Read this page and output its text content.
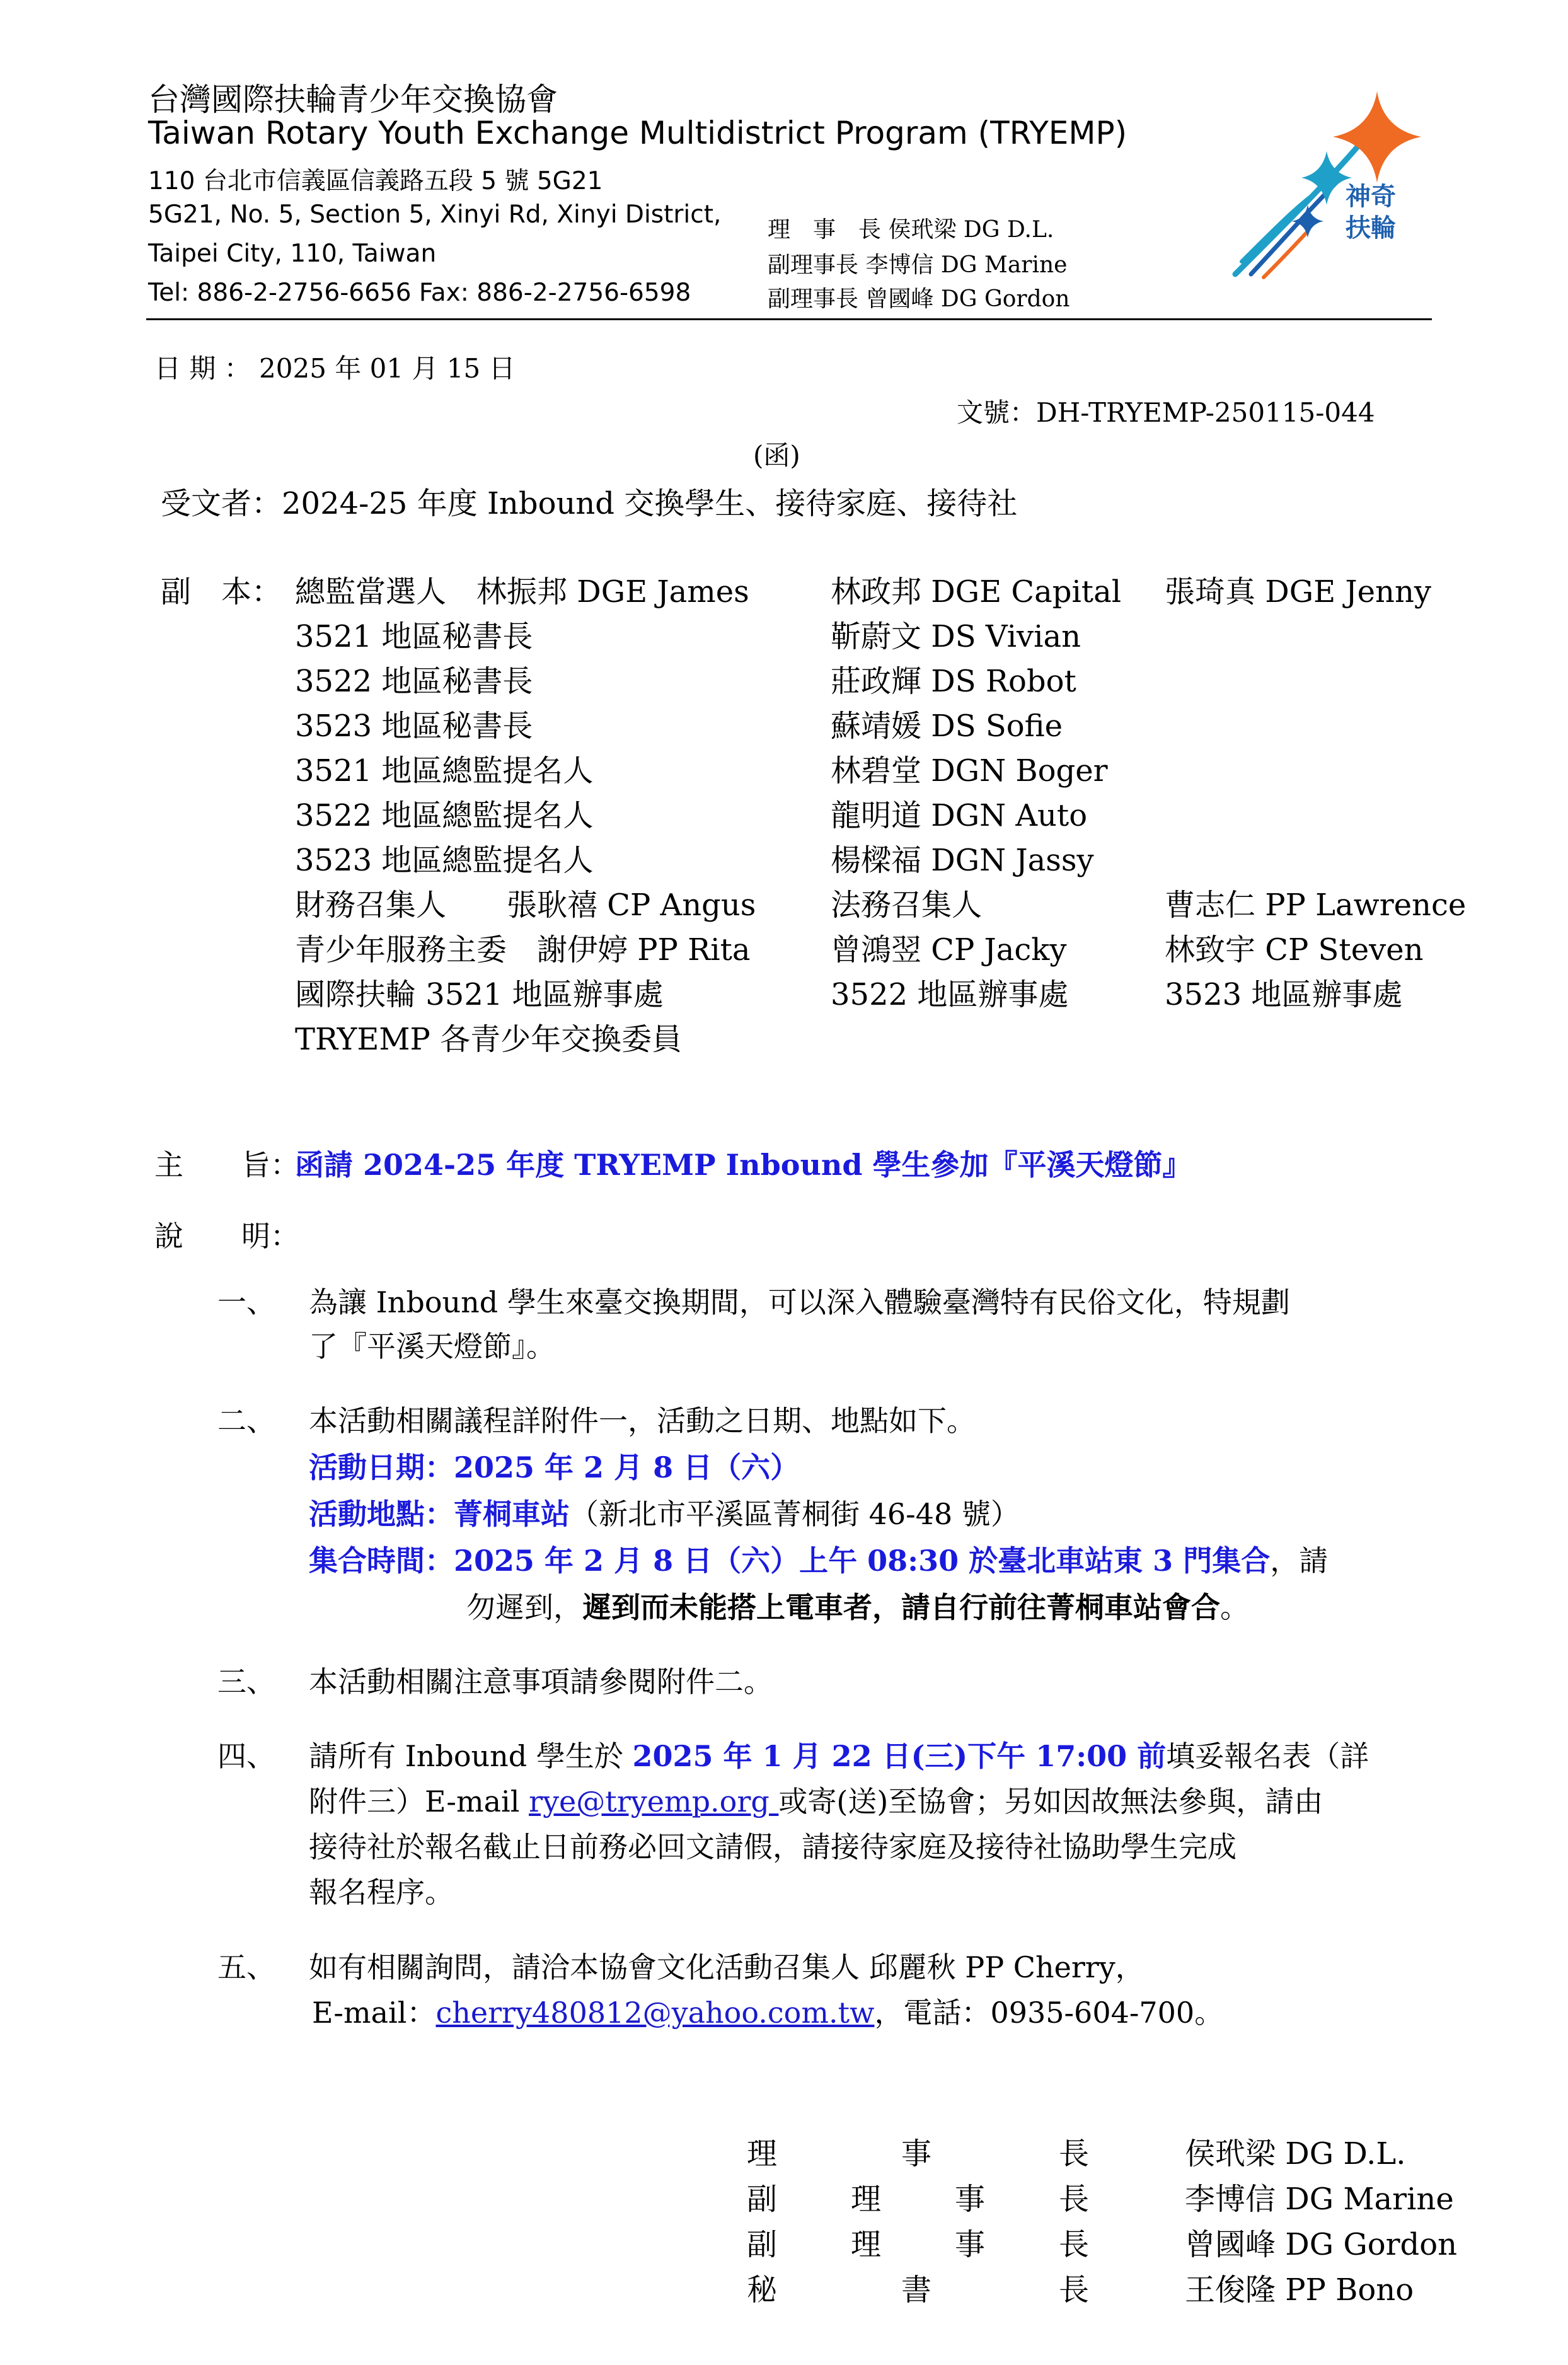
台灣國際扶輪青少年交換協會
Taiwan Rotary Youth Exchange Multidistrict Program (TRYEMP)
110 台北市信義區信義路五段 5 號 5G21
5G21, No. 5, Section 5, Xinyi Rd, Xinyi District,
Taipei City, 110, Taiwan
Tel: 886-2-2756-6656 Fax: 886-2-2756-6598
理　事　長 侯玳梁 DG D.L.
副理事長 李博信 DG Marine
副理事長 曾國峰 DG Gordon
神奇
扶輪
日 期 ： 2025 年 01 月 15 日
文號：DH-TRYEMP-250115-044
(函)
受文者：2024-25 年度 Inbound 交換學生、接待家庭、接待社
副　本： 總監當選人　林振邦 DGE James	林政邦 DGE Capital 張琦真 DGE Jenny
3521 地區秘書長	靳蔚文 DS Vivian
3522 地區秘書長	莊政輝 DS Robot
3523 地區秘書長	蘇靖媛 DS Sofie
3521 地區總監提名人	林碧堂 DGN Boger
3522 地區總監提名人	龍明道 DGN Auto
3523 地區總監提名人	楊樑福 DGN Jassy
財務召集人　　張耿禧 CP Angus 法務召集人	曹志仁 PP Lawrence
青少年服務主委　謝伊婷 PP Rita	曾鴻翌 CP Jacky	林致宇 CP Steven
國際扶輪 3521 地區辦事處	3522 地區辦事處	3523 地區辦事處
TRYEMP 各青少年交換委員
主　　旨：
函請 2024-25 年度 TRYEMP Inbound 學生參加『平溪天燈節』
說　　明：
一、 為讓 Inbound 學生來臺交換期間，可以深入體驗臺灣特有民俗文化，特規劃
了『平溪天燈節』。
二、 本活動相關議程詳附件一，活動之日期、地點如下。
活動日期：2025 年 2 月 8 日（六）
活動地點：菁桐車站（新北市平溪區菁桐街 46-48 號）
集合時間：2025 年 2 月 8 日（六）上午 08:30 於臺北車站東 3 門集合，請
勿遲到，遲到而未能搭上電車者，請自行前往菁桐車站會合。
三、 本活動相關注意事項請參閱附件二。
四、 請所有 Inbound 學生於 2025 年 1 月 22 日(三)下午 17:00 前填妥報名表（詳
附件三）E-mail rye@tryemp.org 或寄(送)至協會；另如因故無法參與，請由
接待社於報名截止日前務必回文請假，請接待家庭及接待社協助學生完成
報名程序。
五、 如有相關詢問，請洽本協會文化活動召集人 邱麗秋 PP Cherry，
E-mail：cherry480812@yahoo.com.tw，電話：0935-604-700。
理	事	長	侯玳梁 DG D.L.
副 理 事 長	李博信 DG Marine
副 理 事 長	曾國峰 DG Gordon
秘	書	長	王俊隆 PP Bono
